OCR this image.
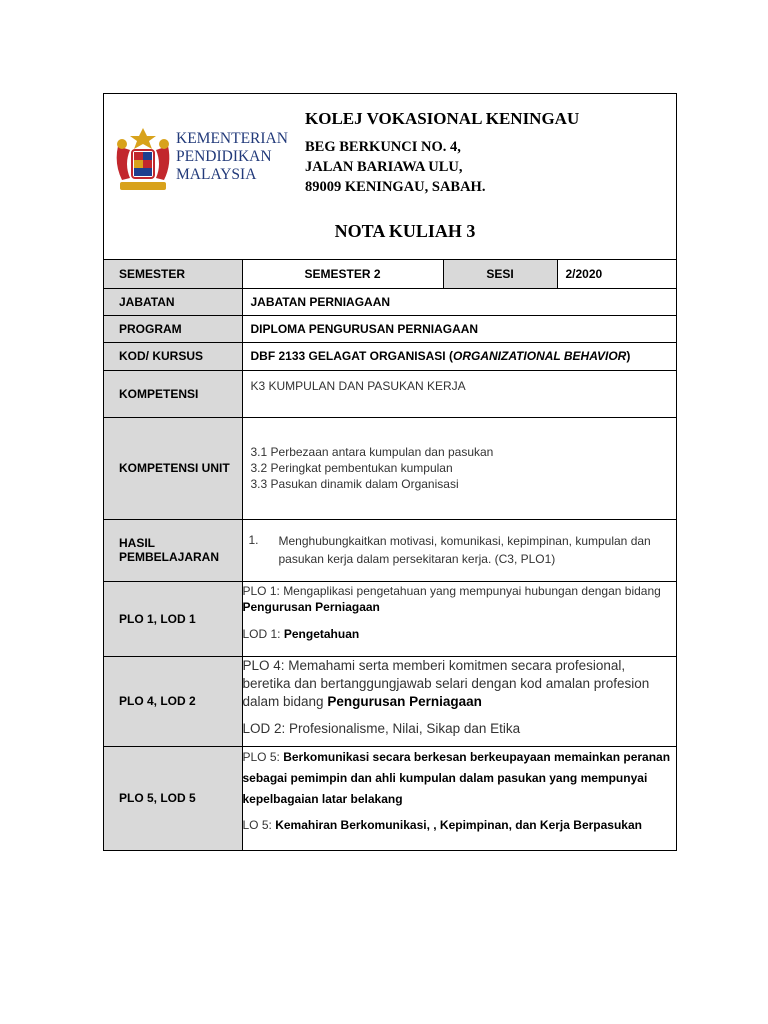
KEMENTERIAN
PENDIDIKAN
MALAYSIA
KOLEJ VOKASIONAL KENINGAU
BEG BERKUNCI NO. 4,
JALAN BARIAWA ULU,
89009 KENINGAU, SABAH.
NOTA KULIAH 3
SEMESTER	SEMESTER 2	SESI	2/2020
JABATAN	JABATAN PERNIAGAAN		
PROGRAM	DIPLOMA PENGURUSAN PERNIAGAAN		
KOD/ KURSUS	DBF 2133 GELAGAT ORGANISASI (ORGANIZATIONAL BEHAVIOR)		
KOMPETENSI	K3 KUMPULAN DAN PASUKAN KERJA		
KOMPETENSI UNIT	3.1 Perbezaan antara kumpulan dan pasukan
3.2 Peringkat pembentukan kumpulan
3.3 Pasukan dinamik dalam Organisasi		

HASIL PEMBELAJARAN	1. Menghubungkaitkan motivasi, komunikasi, kepimpinan, kumpulan dan pasukan kerja dalam persekitaran kerja. (C3, PLO1)		

PLO 1, LOD 1	PLO 1: Mengaplikasi pengetahuan yang mempunyai hubungan dengan bidang Pengurusan Perniagaan

LOD 1: Pengetahuan		

PLO 4, LOD 2	PLO 4: Memahami serta memberi komitmen secara profesional, beretika dan bertanggungjawab selari dengan kod amalan profesion dalam bidang Pengurusan Perniagaan

LOD 2: Profesionalisme, Nilai, Sikap dan Etika		

PLO 5, LOD 5	PLO 5: Berkomunikasi secara berkesan berkeupayaan memainkan peranan sebagai pemimpin dan ahli kumpulan dalam pasukan yang mempunyai kepelbagaian latar belakang

LO 5: Kemahiran Berkomunikasi, , Kepimpinan, dan Kerja Berpasukan		
